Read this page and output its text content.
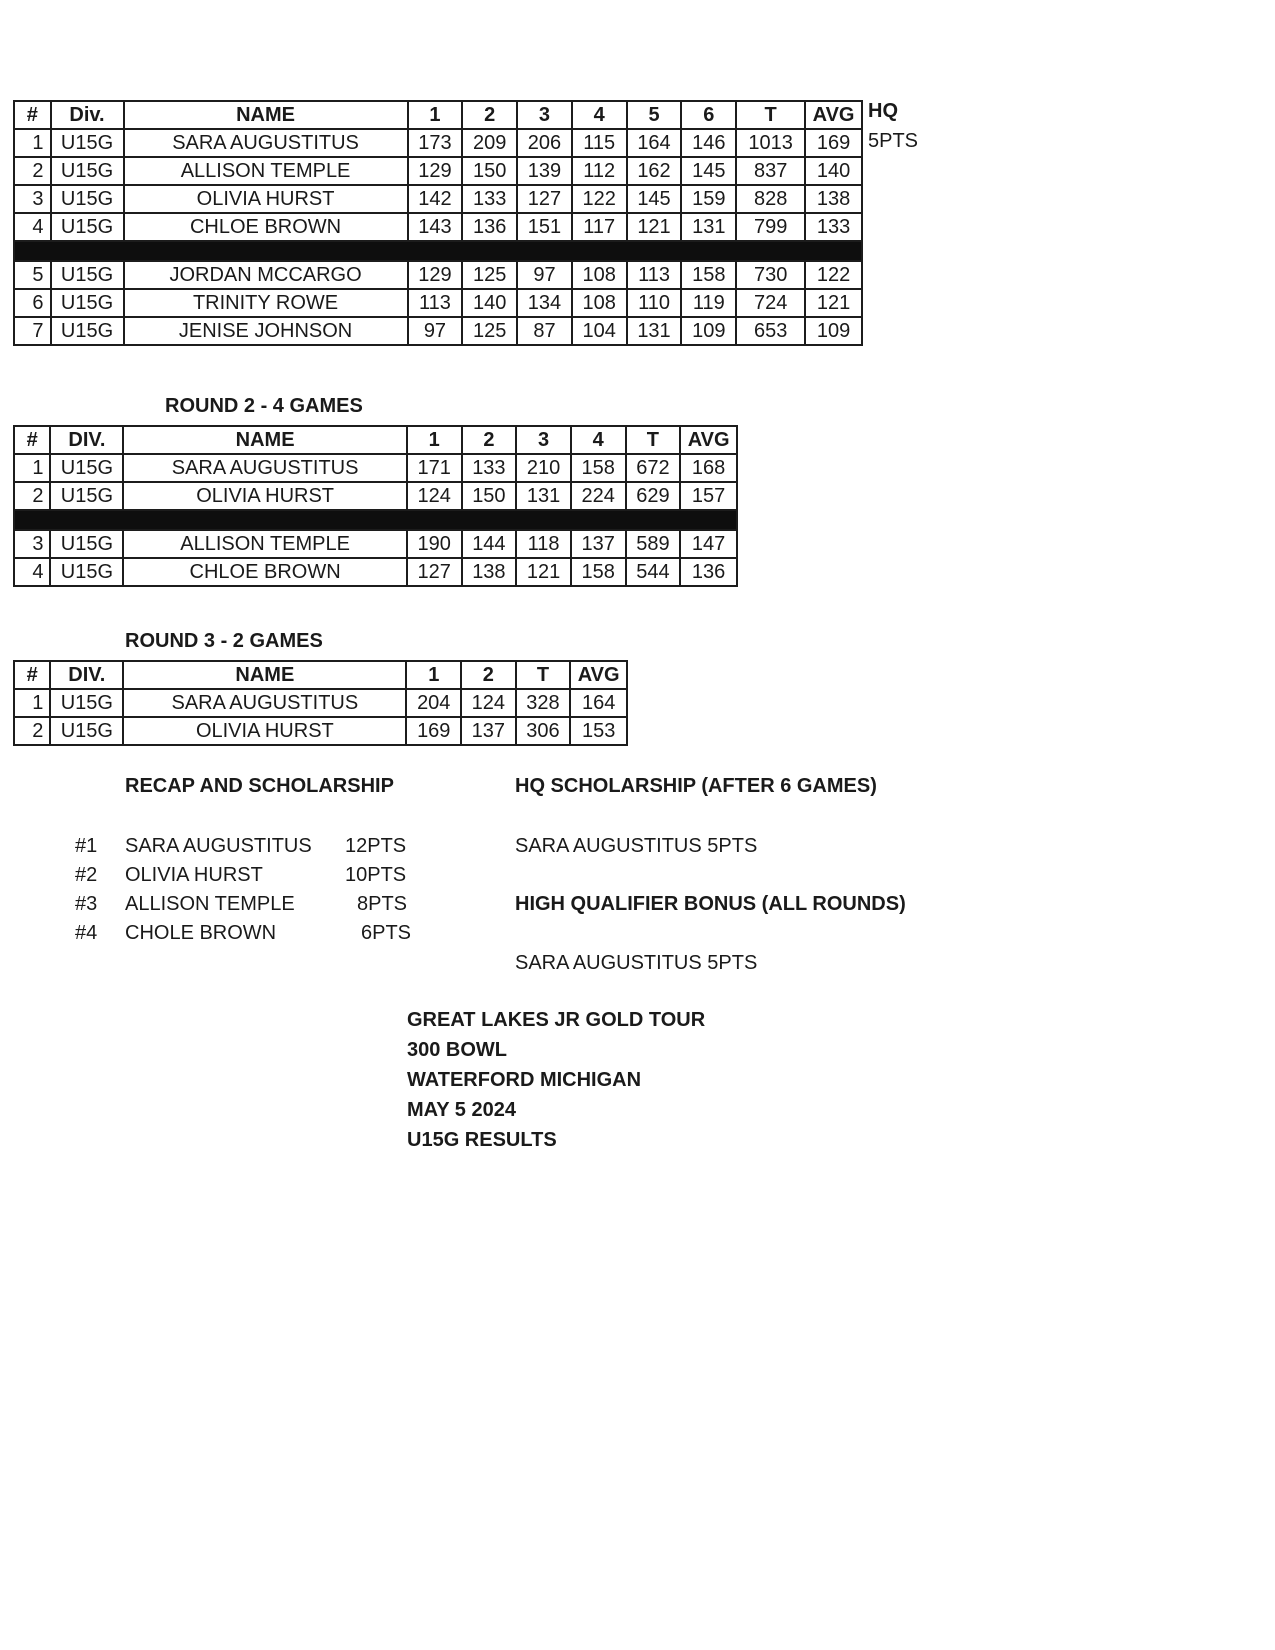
#	Div.	NAME	1	2	3	4	5	6	T	AVG
1	U15G	SARA AUGUSTITUS	173	209	206	115	164	146	1013	169
2	U15G	ALLISON TEMPLE	129	150	139	112	162	145	837	140
3	U15G	OLIVIA HURST	142	133	127	122	145	159	828	138
4	U15G	CHLOE BROWN	143	136	151	117	121	131	799	133

5	U15G	JORDAN MCCARGO	129	125	97	108	113	158	730	122
6	U15G	TRINITY ROWE	113	140	134	108	110	119	724	121
7	U15G	JENISE JOHNSON	97	125	87	104	131	109	653	109
HQ
5PTS
ROUND 2 - 4 GAMES
#	DIV.	NAME	1	2	3	4	T	AVG
1	U15G	SARA AUGUSTITUS	171	133	210	158	672	168
2	U15G	OLIVIA HURST	124	150	131	224	629	157

3	U15G	ALLISON TEMPLE	190	144	118	137	589	147
4	U15G	CHLOE BROWN	127	138	121	158	544	136
ROUND 3 - 2 GAMES
#	DIV.	NAME	1	2	T	AVG
1	U15G	SARA AUGUSTITUS	204	124	328	164
2	U15G	OLIVIA HURST	169	137	306	153
RECAP AND SCHOLARSHIP
#1 SARA AUGUSTITUS 12PTS
#2 OLIVIA HURST	10PTS
#3 ALLISON TEMPLE	8PTS
#4 CHOLE BROWN	6PTS
HQ SCHOLARSHIP (AFTER 6 GAMES)
SARA AUGUSTITUS 5PTS
HIGH QUALIFIER BONUS (ALL ROUNDS)
SARA AUGUSTITUS 5PTS
GREAT LAKES JR GOLD TOUR
300 BOWL
WATERFORD MICHIGAN
MAY 5 2024
U15G RESULTS
